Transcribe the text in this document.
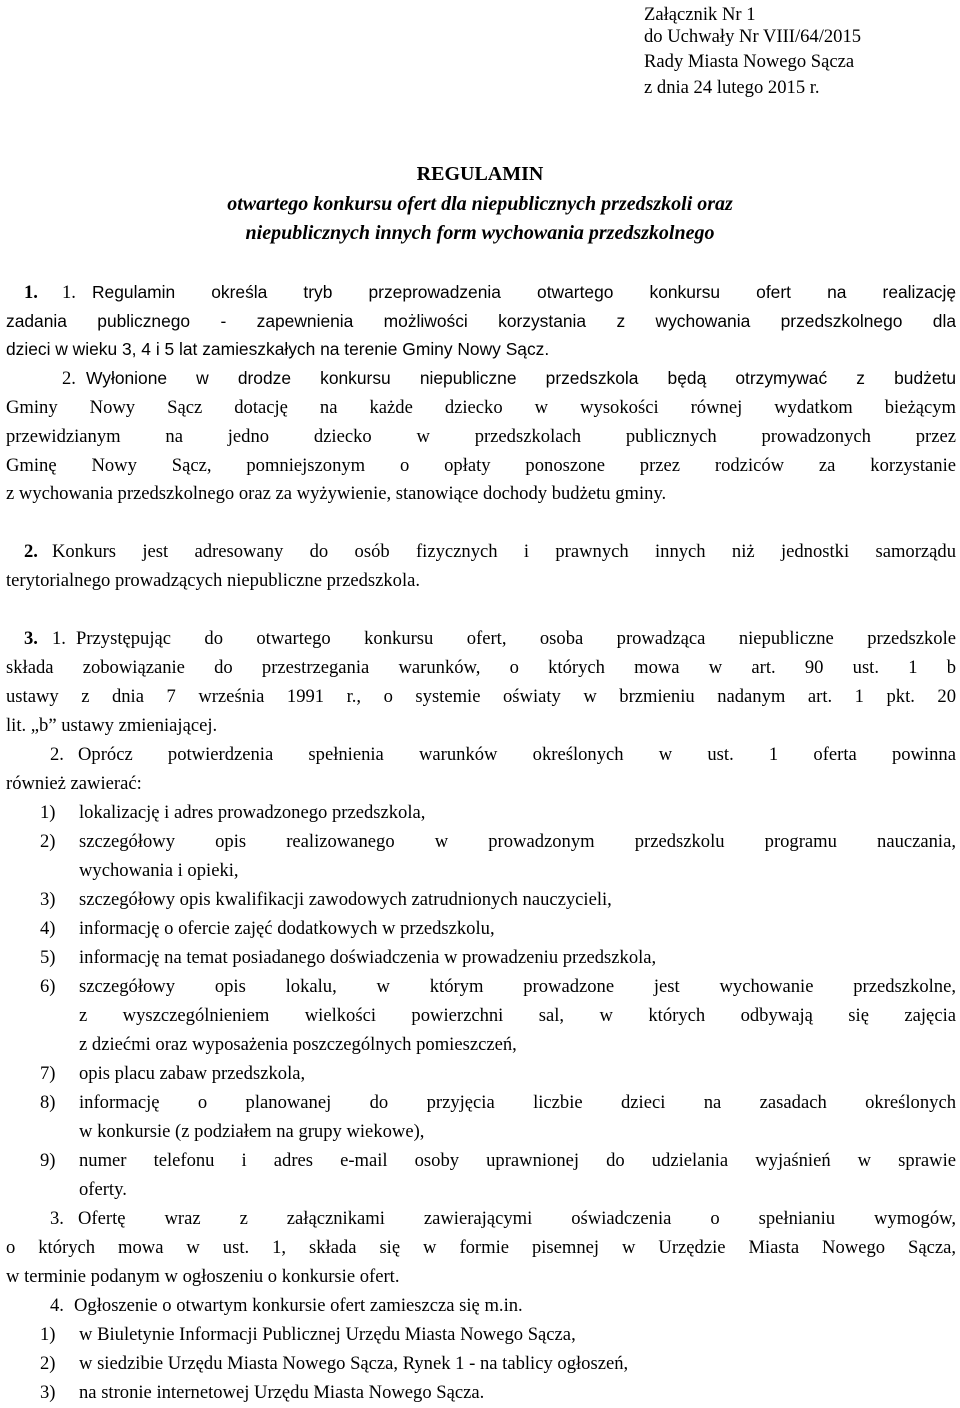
Załącznik Nr 1
do Uchwały Nr VIII/64/2015
Rady Miasta Nowego Sącza
z dnia 24 lutego 2015 r.
REGULAMIN
otwartego konkursu ofert dla niepublicznych przedszkoli oraz
niepublicznych innych form wychowania przedszkolnego
1. 1. Regulamin określa tryb przeprowadzenia otwartego konkursu ofert na realizację
zadania publicznego - zapewnienia możliwości korzystania z wychowania przedszkolnego dla
dzieci w wieku 3, 4 i 5 lat zamieszkałych na terenie Gminy Nowy Sącz.
2. Wyłonione w drodze konkursu niepubliczne przedszkola będą otrzymywać z budżetu
Gminy Nowy Sącz dotację na każde dziecko w wysokości równej wydatkom bieżącym
przewidzianym na jedno dziecko w przedszkolach publicznych prowadzonych przez
Gminę Nowy Sącz, pomniejszonym o opłaty ponoszone przez rodziców za korzystanie
z wychowania przedszkolnego oraz za wyżywienie, stanowiące dochody budżetu gminy.
2. Konkurs jest adresowany do osób fizycznych i prawnych innych niż jednostki samorządu
terytorialnego prowadzących niepubliczne przedszkola.
3. 1. Przystępując do otwartego konkursu ofert, osoba prowadząca niepubliczne przedszkole
składa zobowiązanie do przestrzegania warunków, o których mowa w art. 90 ust. 1 b
ustawy z dnia 7 września 1991 r., o systemie oświaty w brzmieniu nadanym art. 1 pkt. 20
lit. „b” ustawy zmieniającej.
2. Oprócz potwierdzenia spełnienia warunków określonych w ust. 1 oferta powinna
również zawierać:
1) lokalizację i adres prowadzonego przedszkola,
2) szczegółowy opis realizowanego w prowadzonym przedszkolu programu nauczania,
wychowania i opieki,
3) szczegółowy opis kwalifikacji zawodowych zatrudnionych nauczycieli,
4) informację o ofercie zajęć dodatkowych w przedszkolu,
5) informację na temat posiadanego doświadczenia w prowadzeniu przedszkola,
6) szczegółowy opis lokalu, w którym prowadzone jest wychowanie przedszkolne,
z wyszczególnieniem wielkości powierzchni sal, w których odbywają się zajęcia
z dziećmi oraz wyposażenia poszczególnych pomieszczeń,
7) opis placu zabaw przedszkola,
8) informację o planowanej do przyjęcia liczbie dzieci na zasadach określonych
w konkursie (z podziałem na grupy wiekowe),
9) numer telefonu i adres e-mail osoby uprawnionej do udzielania wyjaśnień w sprawie
oferty.
3. Ofertę wraz z załącznikami zawierającymi oświadczenia o spełnianiu wymogów,
o których mowa w ust. 1, składa się w formie pisemnej w Urzędzie Miasta Nowego Sącza,
w terminie podanym w ogłoszeniu o konkursie ofert.
4. Ogłoszenie o otwartym konkursie ofert zamieszcza się m.in.
1) w Biuletynie Informacji Publicznej Urzędu Miasta Nowego Sącza,
2) w siedzibie Urzędu Miasta Nowego Sącza, Rynek 1 - na tablicy ogłoszeń,
3) na stronie internetowej Urzędu Miasta Nowego Sącza.
